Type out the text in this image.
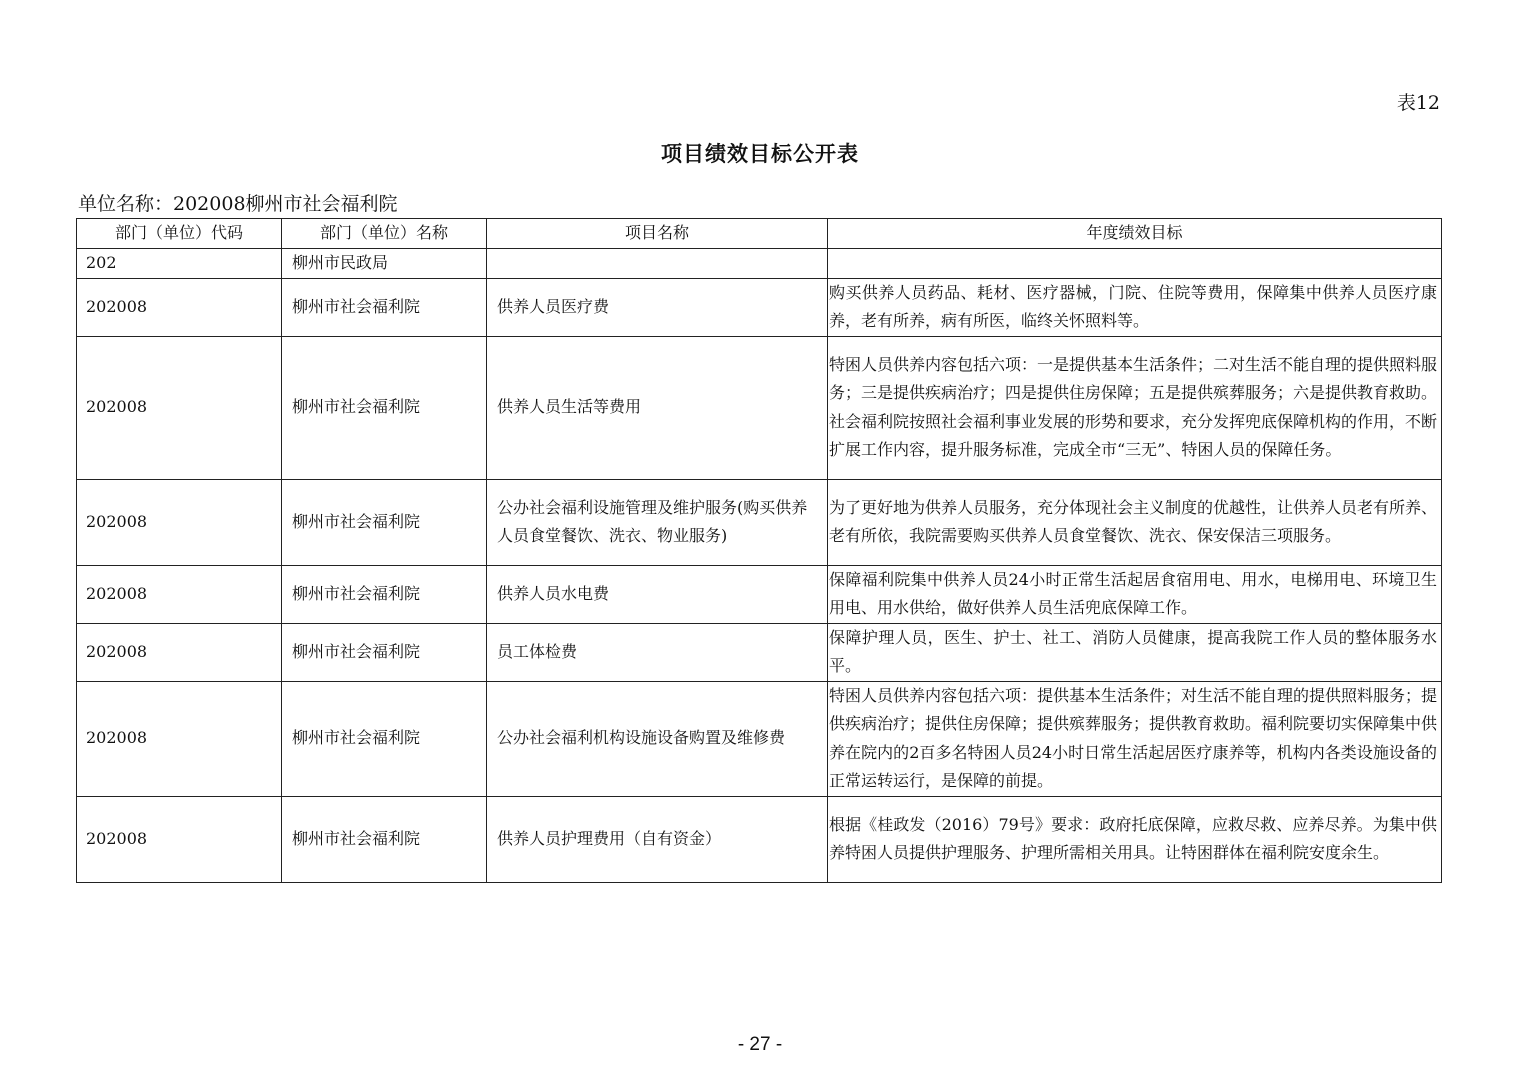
表12
项目绩效目标公开表
单位名称：202008柳州市社会福利院
部门（单位）代码	部门（单位）名称	项目名称	年度绩效目标
202	柳州市民政局		
202008	柳州市社会福利院	供养人员医疗费	购买供养人员药品、耗材、医疗器械，门院、住院等费用，保障集中供养人员医疗康养，老有所养，病有所医，临终关怀照料等。
202008	柳州市社会福利院	供养人员生活等费用	特困人员供养内容包括六项：一是提供基本生活条件；二对生活不能自理的提供照料服务；三是提供疾病治疗；四是提供住房保障；五是提供殡葬服务；六是提供教育救助。社会福利院按照社会福利事业发展的形势和要求，充分发挥兜底保障机构的作用，不断扩展工作内容，提升服务标准，完成全市“三无”、特困人员的保障任务。
202008	柳州市社会福利院	公办社会福利设施管理及维护服务(购买供养人员食堂餐饮、洗衣、物业服务)	为了更好地为供养人员服务，充分体现社会主义制度的优越性，让供养人员老有所养、老有所依，我院需要购买供养人员食堂餐饮、洗衣、保安保洁三项服务。
202008	柳州市社会福利院	供养人员水电费	保障福利院集中供养人员24小时正常生活起居食宿用电、用水，电梯用电、环境卫生用电、用水供给，做好供养人员生活兜底保障工作。
202008	柳州市社会福利院	员工体检费	保障护理人员，医生、护士、社工、消防人员健康，提高我院工作人员的整体服务水平。
202008	柳州市社会福利院	公办社会福利机构设施设备购置及维修费	特困人员供养内容包括六项：提供基本生活条件；对生活不能自理的提供照料服务；提供疾病治疗；提供住房保障；提供殡葬服务；提供教育救助。福利院要切实保障集中供养在院内的2百多名特困人员24小时日常生活起居医疗康养等，机构内各类设施设备的正常运转运行，是保障的前提。
202008	柳州市社会福利院	供养人员护理费用（自有资金）	根据《桂政发（2016）79号》要求：政府托底保障，应救尽救、应养尽养。为集中供养特困人员提供护理服务、护理所需相关用具。让特困群体在福利院安度余生。
- 27 -
